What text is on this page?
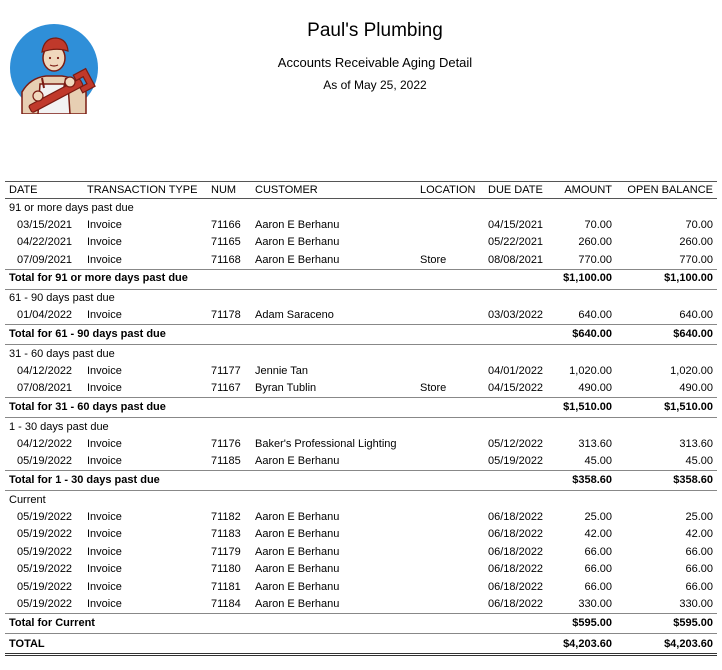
Paul's Plumbing
Accounts Receivable Aging Detail
As of May 25, 2022
DATE	TRANSACTION TYPE	NUM	CUSTOMER	LOCATION	DUE DATE	AMOUNT	OPEN BALANCE
91 or more days past due							
03/15/2021	Invoice	71166	Aaron E Berhanu		04/15/2021	70.00	70.00
04/22/2021	Invoice	71165	Aaron E Berhanu		05/22/2021	260.00	260.00
07/09/2021	Invoice	71168	Aaron E Berhanu	Store	08/08/2021	770.00	770.00
Total for 91 or more days past due						$1,100.00	$1,100.00

61 - 90 days past due							
01/04/2022	Invoice	71178	Adam Saraceno		03/03/2022	640.00	640.00
Total for 61 - 90 days past due						$640.00	$640.00

31 - 60 days past due							
04/12/2022	Invoice	71177	Jennie Tan		04/01/2022	1,020.00	1,020.00
07/08/2021	Invoice	71167	Byran Tublin	Store	04/15/2022	490.00	490.00
Total for 31 - 60 days past due						$1,510.00	$1,510.00

1 - 30 days past due							
04/12/2022	Invoice	71176	Baker's Professional Lighting		05/12/2022	313.60	313.60
05/19/2022	Invoice	71185	Aaron E Berhanu		05/19/2022	45.00	45.00
Total for 1 - 30 days past due						$358.60	$358.60

Current							
05/19/2022	Invoice	71182	Aaron E Berhanu		06/18/2022	25.00	25.00
05/19/2022	Invoice	71183	Aaron E Berhanu		06/18/2022	42.00	42.00
05/19/2022	Invoice	71179	Aaron E Berhanu		06/18/2022	66.00	66.00
05/19/2022	Invoice	71180	Aaron E Berhanu		06/18/2022	66.00	66.00
05/19/2022	Invoice	71181	Aaron E Berhanu		06/18/2022	66.00	66.00
05/19/2022	Invoice	71184	Aaron E Berhanu		06/18/2022	330.00	330.00
Total for Current						$595.00	$595.00

TOTAL						$4,203.60	$4,203.60
